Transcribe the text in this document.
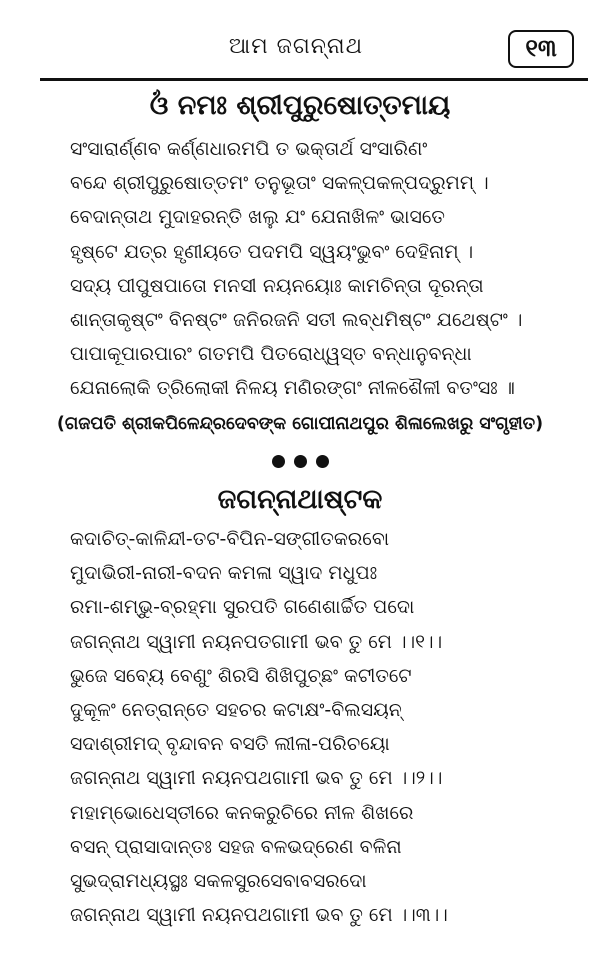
ଆମ ଜଗନ୍ନାଥ	୧୩
ଓଁ ନମଃ ଶ୍ରୀପୁରୁଷୋତ୍ତମାୟ
ସଂସାରାର୍ଣ୍ଣବ କର୍ଣ୍ଣଧାରମପି ତ ଭକ୍ତାର୍ଥ ସଂସାରିଣଂ
ବନ୍ଦେ ଶ୍ରୀପୁରୁଷୋତ୍ତମଂ ତନୁଭୂତାଂ ସକଳ୍ପକଳ୍ପଦ୍ରୁମମ୍ ।
ବେଦାନ୍ତାଥ ମୁଦାହରନ୍ତି ଖଲୁ ଯଂ ଯେନାଖିଳଂ ଭାସତେ
ହୃଷ୍ଟେ ଯତ୍ର ହୃଣୀୟତେ ପଦମପି ସ୍ୱୟଂଭୁବଂ ଦେହିନାମ୍ ।
ସଦ୍ୟ ପୀପୁଷପାତୋ ମନସୀ ନୟନୟୋଃ କାମଚିନ୍ତା ଦୂରନ୍ତା
ଶାନ୍ତାକୃଷ୍ଟଂ ବିନଷ୍ଟଂ ଜନିରଜନି ସତୀ ଲବ୍ଧମିଷ୍ଟଂ ଯଥେଷ୍ଟଂ ।
ପାପାକୂପାରପାରଂ ଗତମପି ପିତରୋଧ୍ୱସ୍ତ ବନ୍ଧାନୁବନ୍ଧା
ଯେନାଲୋକି ତ୍ରିଲୋକୀ ନିଳୟ ମଣିରଙ୍ଗଂ ନୀଳଶୈଳୀ ବତଂସଃ ॥
(ଗଜପତି ଶ୍ରୀକପିଳେନ୍ଦ୍ରଦେବଙ୍କ ଗୋପୀନାଥପୁର ଶିଳାଲେଖରୁ ସଂଗୃହୀତ)
ଜଗନ୍ନାଥାଷ୍ଟକ
କଦାଚିତ୍-କାଳିନ୍ଦୀ-ତଟ-ବିପିନ-ସଙ୍ଗୀତକରବୋ
ମୁଦାଭିରୀ-ନାରୀ-ବଦନ କମଳା ସ୍ୱାଦ ମଧୁପଃ
ରମା-ଶମ୍ଭୁ-ବ୍ରହ୍ମା ସୁରପତି ଗଣେଶାର୍ଚ୍ଚିତ ପଦୋ
ଜଗନ୍ନାଥ ସ୍ୱାମୀ ନୟନପତଗାମୀ ଭବ ତୁ ମେ ।।୧।।
ଭୁଜେ ସବ୍ୟେ ବେଣୁଂ ଶିରସି ଶିଖିପୁଚ୍ଛଂ କଟୀତଟେ
ଦୁକୂଳଂ ନେତ୍ରାନ୍ତେ ସହଚର କଟାକ୍ଷଂ-ବିଲସୟନ୍
ସଦାଶ୍ରୀମଦ୍ ବୃନ୍ଦାବନ ବସତି ଲୀଳା-ପରିଚୟୋ
ଜଗନ୍ନାଥ ସ୍ୱାମୀ ନୟନପଥଗାମୀ ଭବ ତୁ ମେ ।।୨।।
ମହାମ୍ଭୋଧେସ୍ତୀରେ କନକରୁଚିରେ ନୀଳ ଶିଖରେ
ବସନ୍ ପ୍ରାସାଦାନ୍ତଃ ସହଜ ବଳଭଦ୍ରେଣ ବଳିନା
ସୁଭଦ୍ରାମଧ୍ୟସ୍ଥଃ ସକଳସୁରସେବାବସରଦୋ
ଜଗନ୍ନାଥ ସ୍ୱାମୀ ନୟନପଥଗାମୀ ଭବ ତୁ ମେ ।।୩।।
